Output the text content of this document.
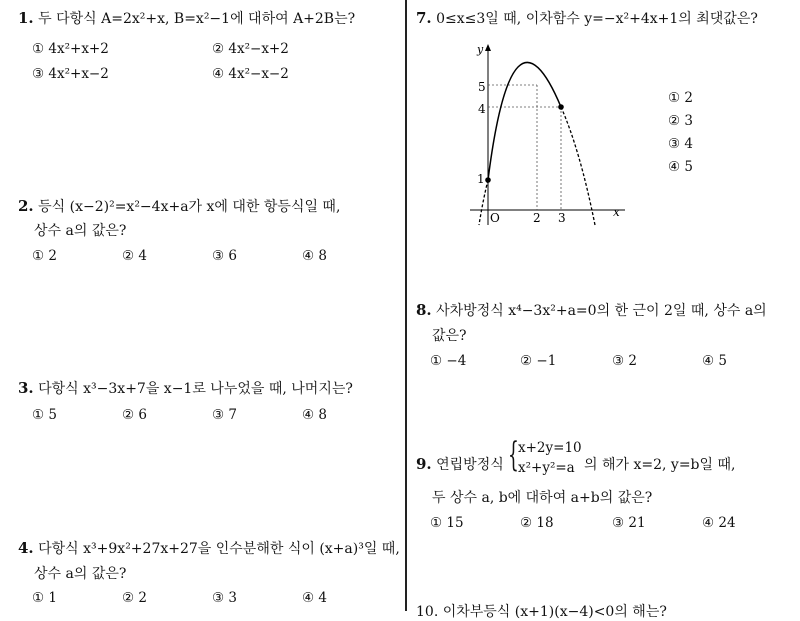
1. 두 다항식 A=2x²+x, B=x²−1에 대하여 A+2B는?
① 4x²+x+2	② 4x²−x+2
③ 4x²+x−2	④ 4x²−x−2
2. 등식 (x−2)²=x²−4x+a가 x에 대한 항등식일 때,
상수 a의 값은?
① 2	② 4	③ 6	④ 8
3. 다항식 x³−3x+7을 x−1로 나누었을 때, 나머지는?
① 5	② 6	③ 7	④ 8
4. 다항식 x³+9x²+27x+27을 인수분해한 식이 (x+a)³일 때,
상수 a의 값은?
① 1	② 2	③ 3	④ 4
7. 0≤x≤3일 때, 이차함수 y=−x²+4x+1의 최댓값은?
y
x
O	2 3
5
4
1
① 2
② 3
③ 4
④ 5
8. 사차방정식 x⁴−3x²+a=0의 한 근이 2일 때, 상수 a의
값은?
① −4	② −1	③ 2	④ 5
9. 연립방정식 { x+2y=10
x²+y²=a 의 해가 x=2, y=b일 때,
두 상수 a, b에 대하여 a+b의 값은?
① 15	② 18	③ 21	④ 24
10. 이차부등식 (x+1)(x−4)<0의 해는?
